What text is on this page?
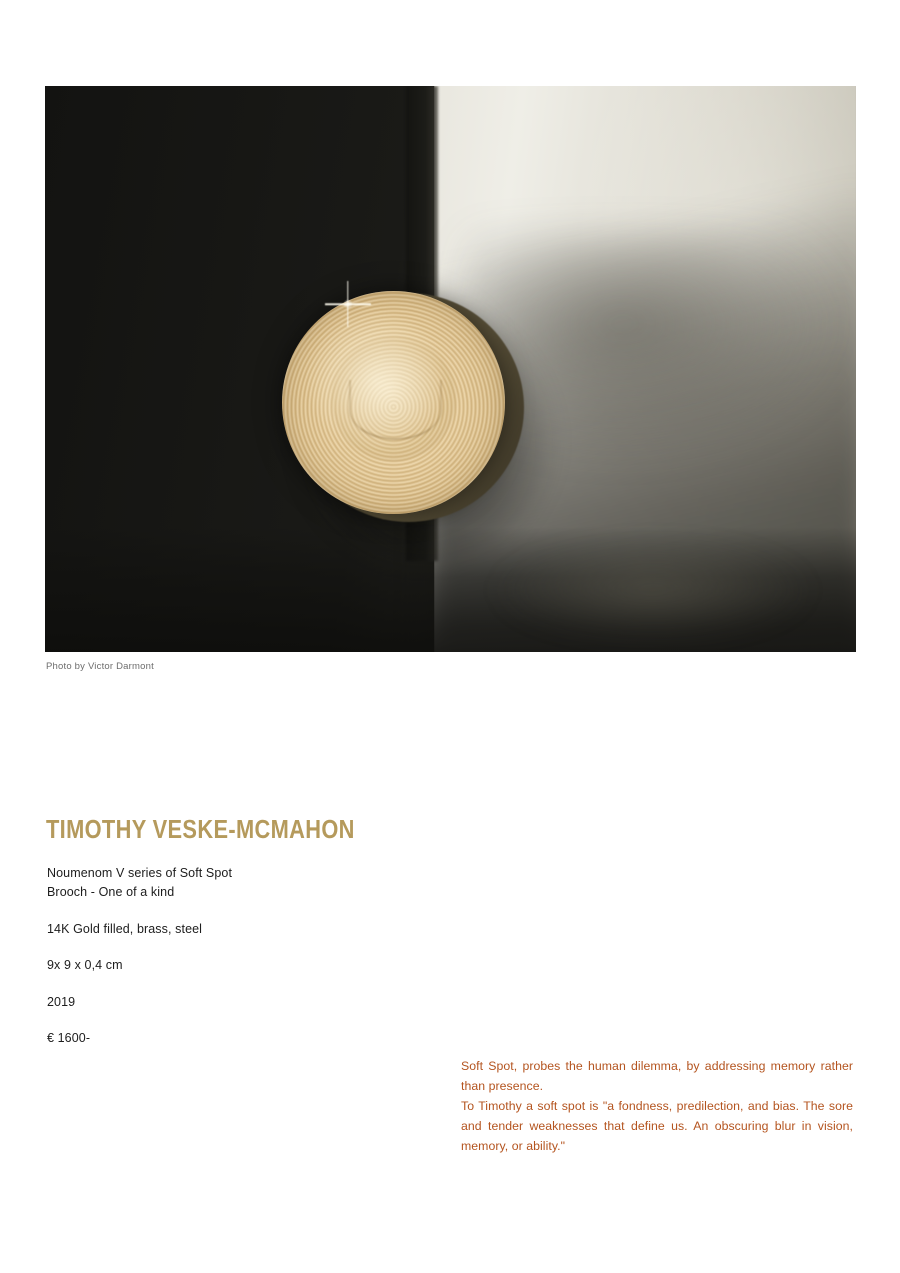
Photo by Victor Darmont
TIMOTHY VESKE-MCMAHON

Noumenom V series of Soft Spot
Brooch - One of a kind

14K Gold filled, brass, steel

9x 9 x 0,4 cm

2019

€ 1600-

Soft Spot, probes the human dilemma, by addressing memory rather than presence.

To Timothy a soft spot is "a fondness, predilection, and bias. The sore and tender weaknesses that define us. An obscuring blur in vision, memory, or ability."
